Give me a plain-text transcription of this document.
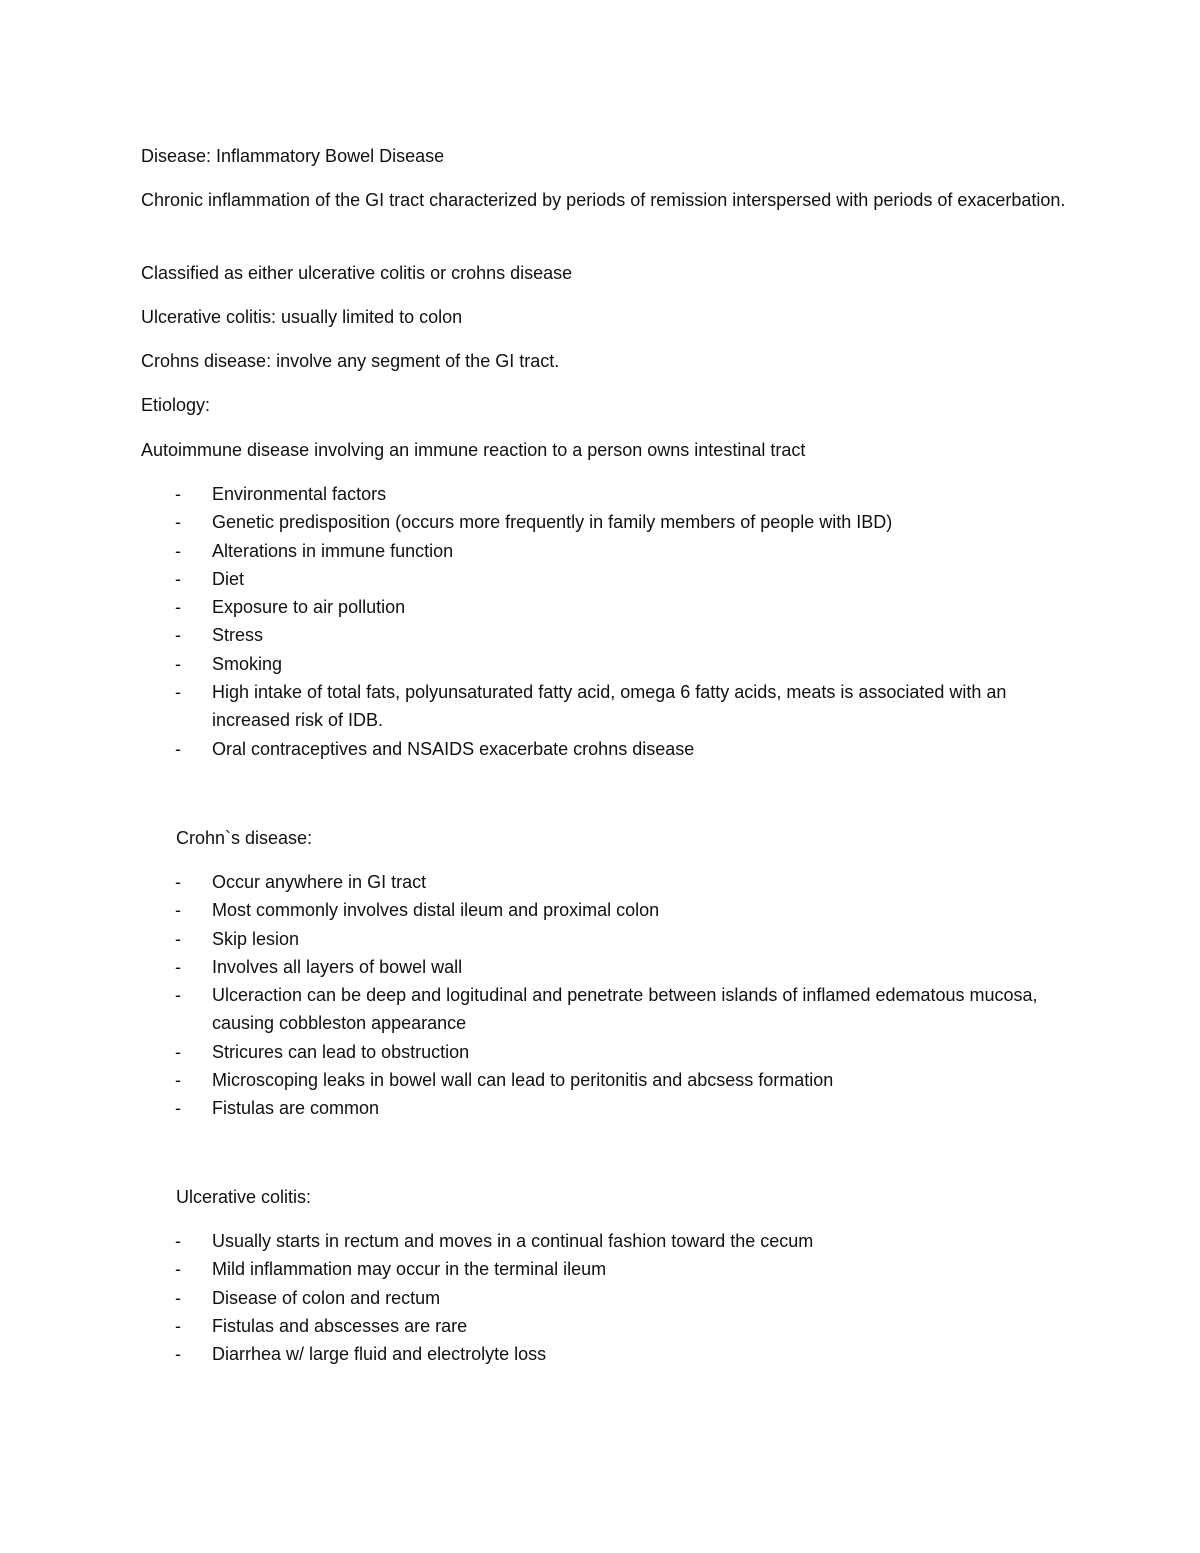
Disease: Inflammatory Bowel Disease
Chronic inflammation of the GI tract characterized by periods of remission interspersed with periods of exacerbation.
Classified as either ulcerative colitis or crohns disease
Ulcerative colitis: usually limited to colon
Crohns disease: involve any segment of the GI tract.
Etiology:
Autoimmune disease involving an immune reaction to a person owns intestinal tract
- Environmental factors
- Genetic predisposition (occurs more frequently in family members of people with IBD)
- Alterations in immune function
- Diet
- Exposure to air pollution
- Stress
- Smoking
- High intake of total fats, polyunsaturated fatty acid, omega 6 fatty acids, meats is associated with an increased risk of IDB.
- Oral contraceptives and NSAIDS exacerbate crohns disease
Crohn`s disease:
- Occur anywhere in GI tract
- Most commonly involves distal ileum and proximal colon
- Skip lesion
- Involves all layers of bowel wall
- Ulceraction can be deep and logitudinal and penetrate between islands of inflamed edematous mucosa, causing cobbleston appearance
- Stricures can lead to obstruction
- Microscoping leaks in bowel wall can lead to peritonitis and abcsess formation
- Fistulas are common
Ulcerative colitis:
- Usually starts in rectum and moves in a continual fashion toward the cecum
- Mild inflammation may occur in the terminal ileum
- Disease of colon and rectum
- Fistulas and abscesses are rare
- Diarrhea w/ large fluid and electrolyte loss
